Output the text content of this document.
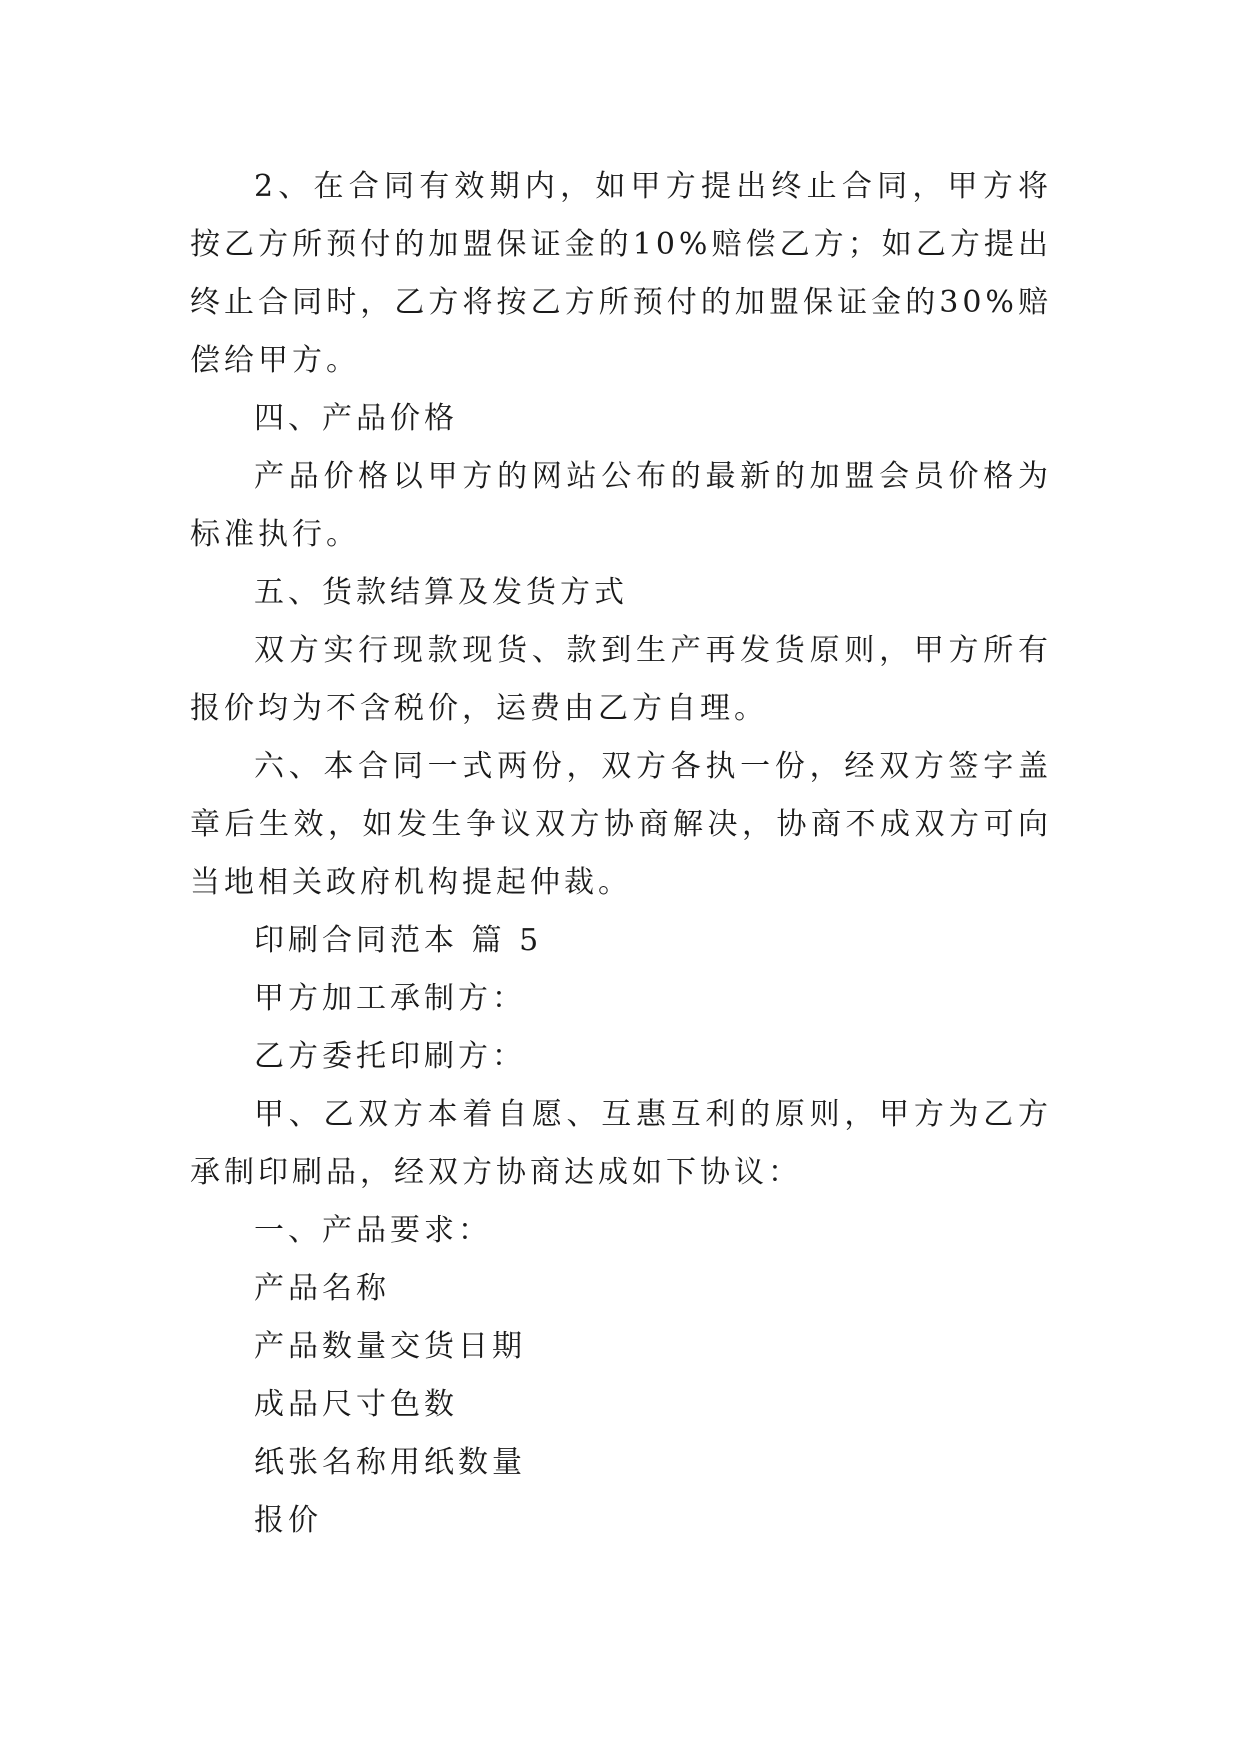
2、在合同有效期内，如甲方提出终止合同，甲方将按乙方所预付的加盟保证金的10%赔偿乙方；如乙方提出终止合同时，乙方将按乙方所预付的加盟保证金的30%赔偿给甲方。

四、产品价格

产品价格以甲方的网站公布的最新的加盟会员价格为标准执行。

五、货款结算及发货方式

双方实行现款现货、款到生产再发货原则，甲方所有报价均为不含税价，运费由乙方自理。

六、本合同一式两份，双方各执一份，经双方签字盖章后生效，如发生争议双方协商解决，协商不成双方可向当地相关政府机构提起仲裁。

印刷合同范本 篇 5

甲方加工承制方：

乙方委托印刷方：

甲、乙双方本着自愿、互惠互利的原则，甲方为乙方承制印刷品，经双方协商达成如下协议：

一、产品要求：

产品名称

产品数量交货日期

成品尺寸色数

纸张名称用纸数量

报价
